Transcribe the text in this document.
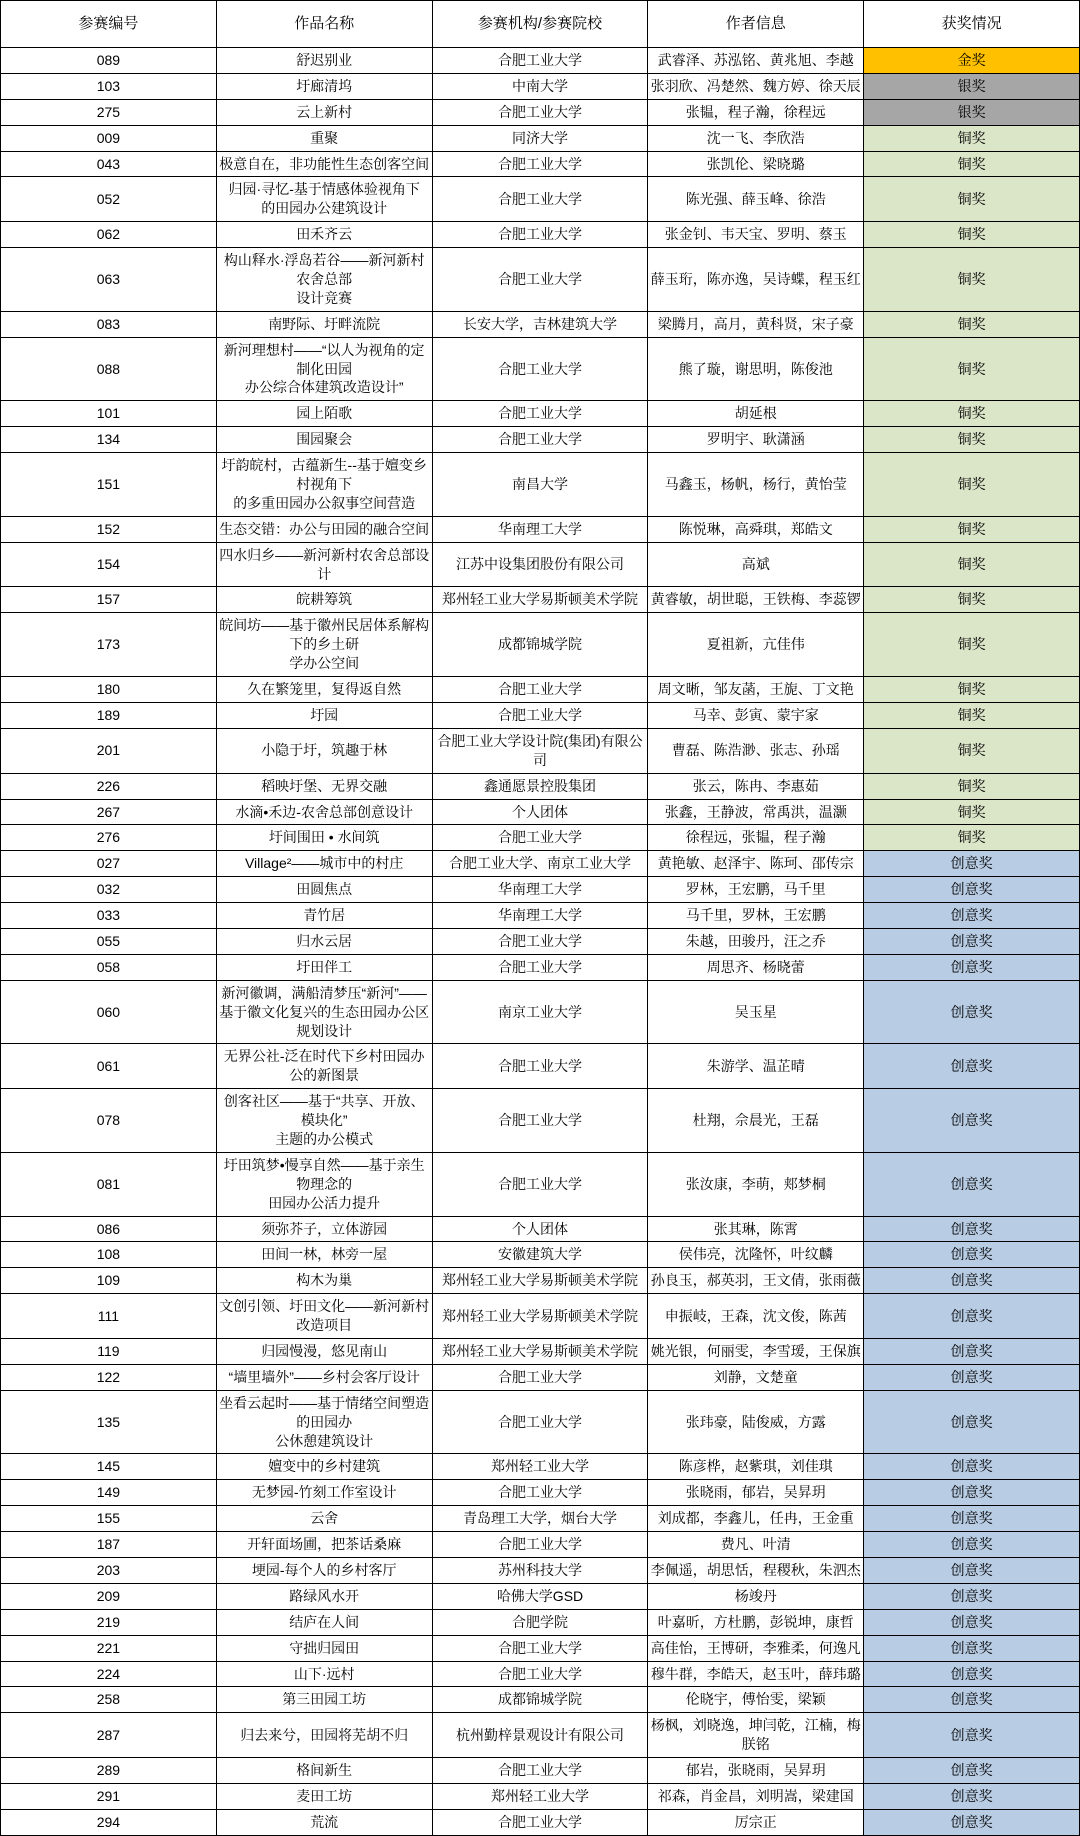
参赛编号	作品名称	参赛机构/参赛院校	作者信息	获奖情况
089	舒迟别业	合肥工业大学	武睿泽、苏泓铭、黄兆旭、李越	金奖
103	圩廊清坞	中南大学	张羽欣、冯楚然、魏方婷、徐天辰	银奖
275	云上新村	合肥工业大学	张韫，程子瀚，徐程远	银奖
009	重聚	同济大学	沈一飞、李欣浩	铜奖
043	极意自在，非功能性生态创客空间	合肥工业大学	张凯伦、梁晓璐	铜奖
052	归园·寻忆-基于情感体验视角下
的田园办公建筑设计	合肥工业大学	陈光强、薛玉峰、徐浩	铜奖
062	田禾齐云	合肥工业大学	张金钊、韦天宝、罗明、蔡玉	铜奖
063	构山释水·浮岛若谷——新河新村农舍总部
设计竞赛	合肥工业大学	薛玉珩，陈亦逸，吴诗蝶，程玉红	铜奖
083	南野际、圩畔流院	长安大学，吉林建筑大学	梁腾月，高月，黄科贤，宋子豪	铜奖
088	新河理想村——“以人为视角的定制化田园
办公综合体建筑改造设计”	合肥工业大学	熊了璇，谢思明，陈俊池	铜奖
101	园上陌歌	合肥工业大学	胡延根	铜奖
134	围园聚会	合肥工业大学	罗明宇、耿潇涵	铜奖
151	圩韵皖村，古蕴新生--基于嬗变乡村视角下
的多重田园办公叙事空间营造	南昌大学	马鑫玉，杨帆，杨行，黄怡莹	铜奖
152	生态交错：办公与田园的融合空间	华南理工大学	陈悦琳，高舜琪，郑皓文	铜奖
154	四水归乡——新河新村农舍总部设计	江苏中设集团股份有限公司	高斌	铜奖
157	皖耕筹筑	郑州轻工业大学易斯顿美术学院	黄睿敏，胡世聪，王铁梅、李蕊锣	铜奖
173	皖间坊——基于徽州民居体系解构下的乡土研
学办公空间	成都锦城学院	夏祖新，亢佳伟	铜奖
180	久在繁笼里，复得返自然	合肥工业大学	周文晰，邹友菡，王旎、丁文艳	铜奖
189	圩园	合肥工业大学	马幸、彭寅、蒙宇家	铜奖
201	小隐于圩，筑趣于林	合肥工业大学设计院(集团)有限公司	曹磊、陈浩渺、张志、孙瑶	铜奖
226	稻映圩堡、无界交融	鑫通愿景控股集团	张云，陈冉、李惠茹	铜奖
267	水滴•禾边-农舍总部创意设计	个人团体	张鑫，王静波，常禹洪，温灏	铜奖
276	圩间围田 • 水间筑	合肥工业大学	徐程远，张韫，程子瀚	铜奖
027	Village²——城市中的村庄	合肥工业大学、南京工业大学	黄艳敏、赵泽宇、陈珂、邵传宗	创意奖
032	田圆焦点	华南理工大学	罗林，王宏鹏，马千里	创意奖
033	青竹居	华南理工大学	马千里，罗林，王宏鹏	创意奖
055	归水云居	合肥工业大学	朱越，田骏丹，汪之乔	创意奖
058	圩田伴工	合肥工业大学	周思齐、杨晓蕾	创意奖
060	新河徽调，满船清梦压“新河”——
基于徽文化复兴的生态田园办公区规划设计	南京工业大学	吴玉星	创意奖
061	无界公社-泛在时代下乡村田园办公的新图景	合肥工业大学	朱游学、温芷晴	创意奖
078	创客社区——基于“共享、开放、模块化”
主题的办公模式	合肥工业大学	杜翔，佘晨光，王磊	创意奖
081	圩田筑梦•慢享自然——基于亲生物理念的
田园办公活力提升	合肥工业大学	张汝康，李萌，郏梦桐	创意奖
086	须弥芥子，立体游园	个人团体	张其琳，陈霄	创意奖
108	田间一林，林旁一屋	安徽建筑大学	侯伟亮，沈隆怀，叶纹麟	创意奖
109	构木为巢	郑州轻工业大学易斯顿美术学院	孙良玉，郝英羽，王文倩，张雨薇	创意奖
111	文创引领、圩田文化——新河新村改造项目	郑州轻工业大学易斯顿美术学院	申振岐，王森，沈文俊，陈茜	创意奖
119	归园慢漫，悠见南山	郑州轻工业大学易斯顿美术学院	姚光银，何丽雯，李雪瑷，王保旗	创意奖
122	“墙里墙外”——乡村会客厅设计	合肥工业大学	刘静，文楚童	创意奖
135	坐看云起时——基于情绪空间塑造的田园办
公休憩建筑设计	合肥工业大学	张玮豪，陆俊威，方露	创意奖
145	嬗变中的乡村建筑	郑州轻工业大学	陈彦桦，赵紫琪，刘佳琪	创意奖
149	无梦园-竹刻工作室设计	合肥工业大学	张晓雨，郁岩，吴昇玥	创意奖
155	云舍	青岛理工大学，烟台大学	刘成都，李鑫儿，任冉，王金重	创意奖
187	开轩面场圃，把茶话桑麻	合肥工业大学	费凡、叶清	创意奖
203	埂园-每个人的乡村客厅	苏州科技大学	李佩遥，胡思恬，程稷秋，朱泗杰	创意奖
209	路绿风水开	哈佛大学GSD	杨竣丹	创意奖
219	结庐在人间	合肥学院	叶嘉昕，方杜鹏，彭锐坤，康哲	创意奖
221	守拙归园田	合肥工业大学	高佳怡，王博研，李雅柔，何逸凡	创意奖
224	山下·远村	合肥工业大学	穆牛群，李皓天，赵玉叶，薛玮璐	创意奖
258	第三田园工坊	成都锦城学院	伦晓宇，傅怡雯，梁颖	创意奖
287	归去来兮，田园将芜胡不归	杭州勤梓景观设计有限公司	杨枫，刘晓逸，坤闫乾，江楠，梅朕铭	创意奖
289	格间新生	合肥工业大学	郁岩，张晓雨，吴昇玥	创意奖
291	麦田工坊	郑州轻工业大学	祁森，肖金昌，刘明嵩，梁建国	创意奖
294	荒流	合肥工业大学	厉宗正	创意奖
